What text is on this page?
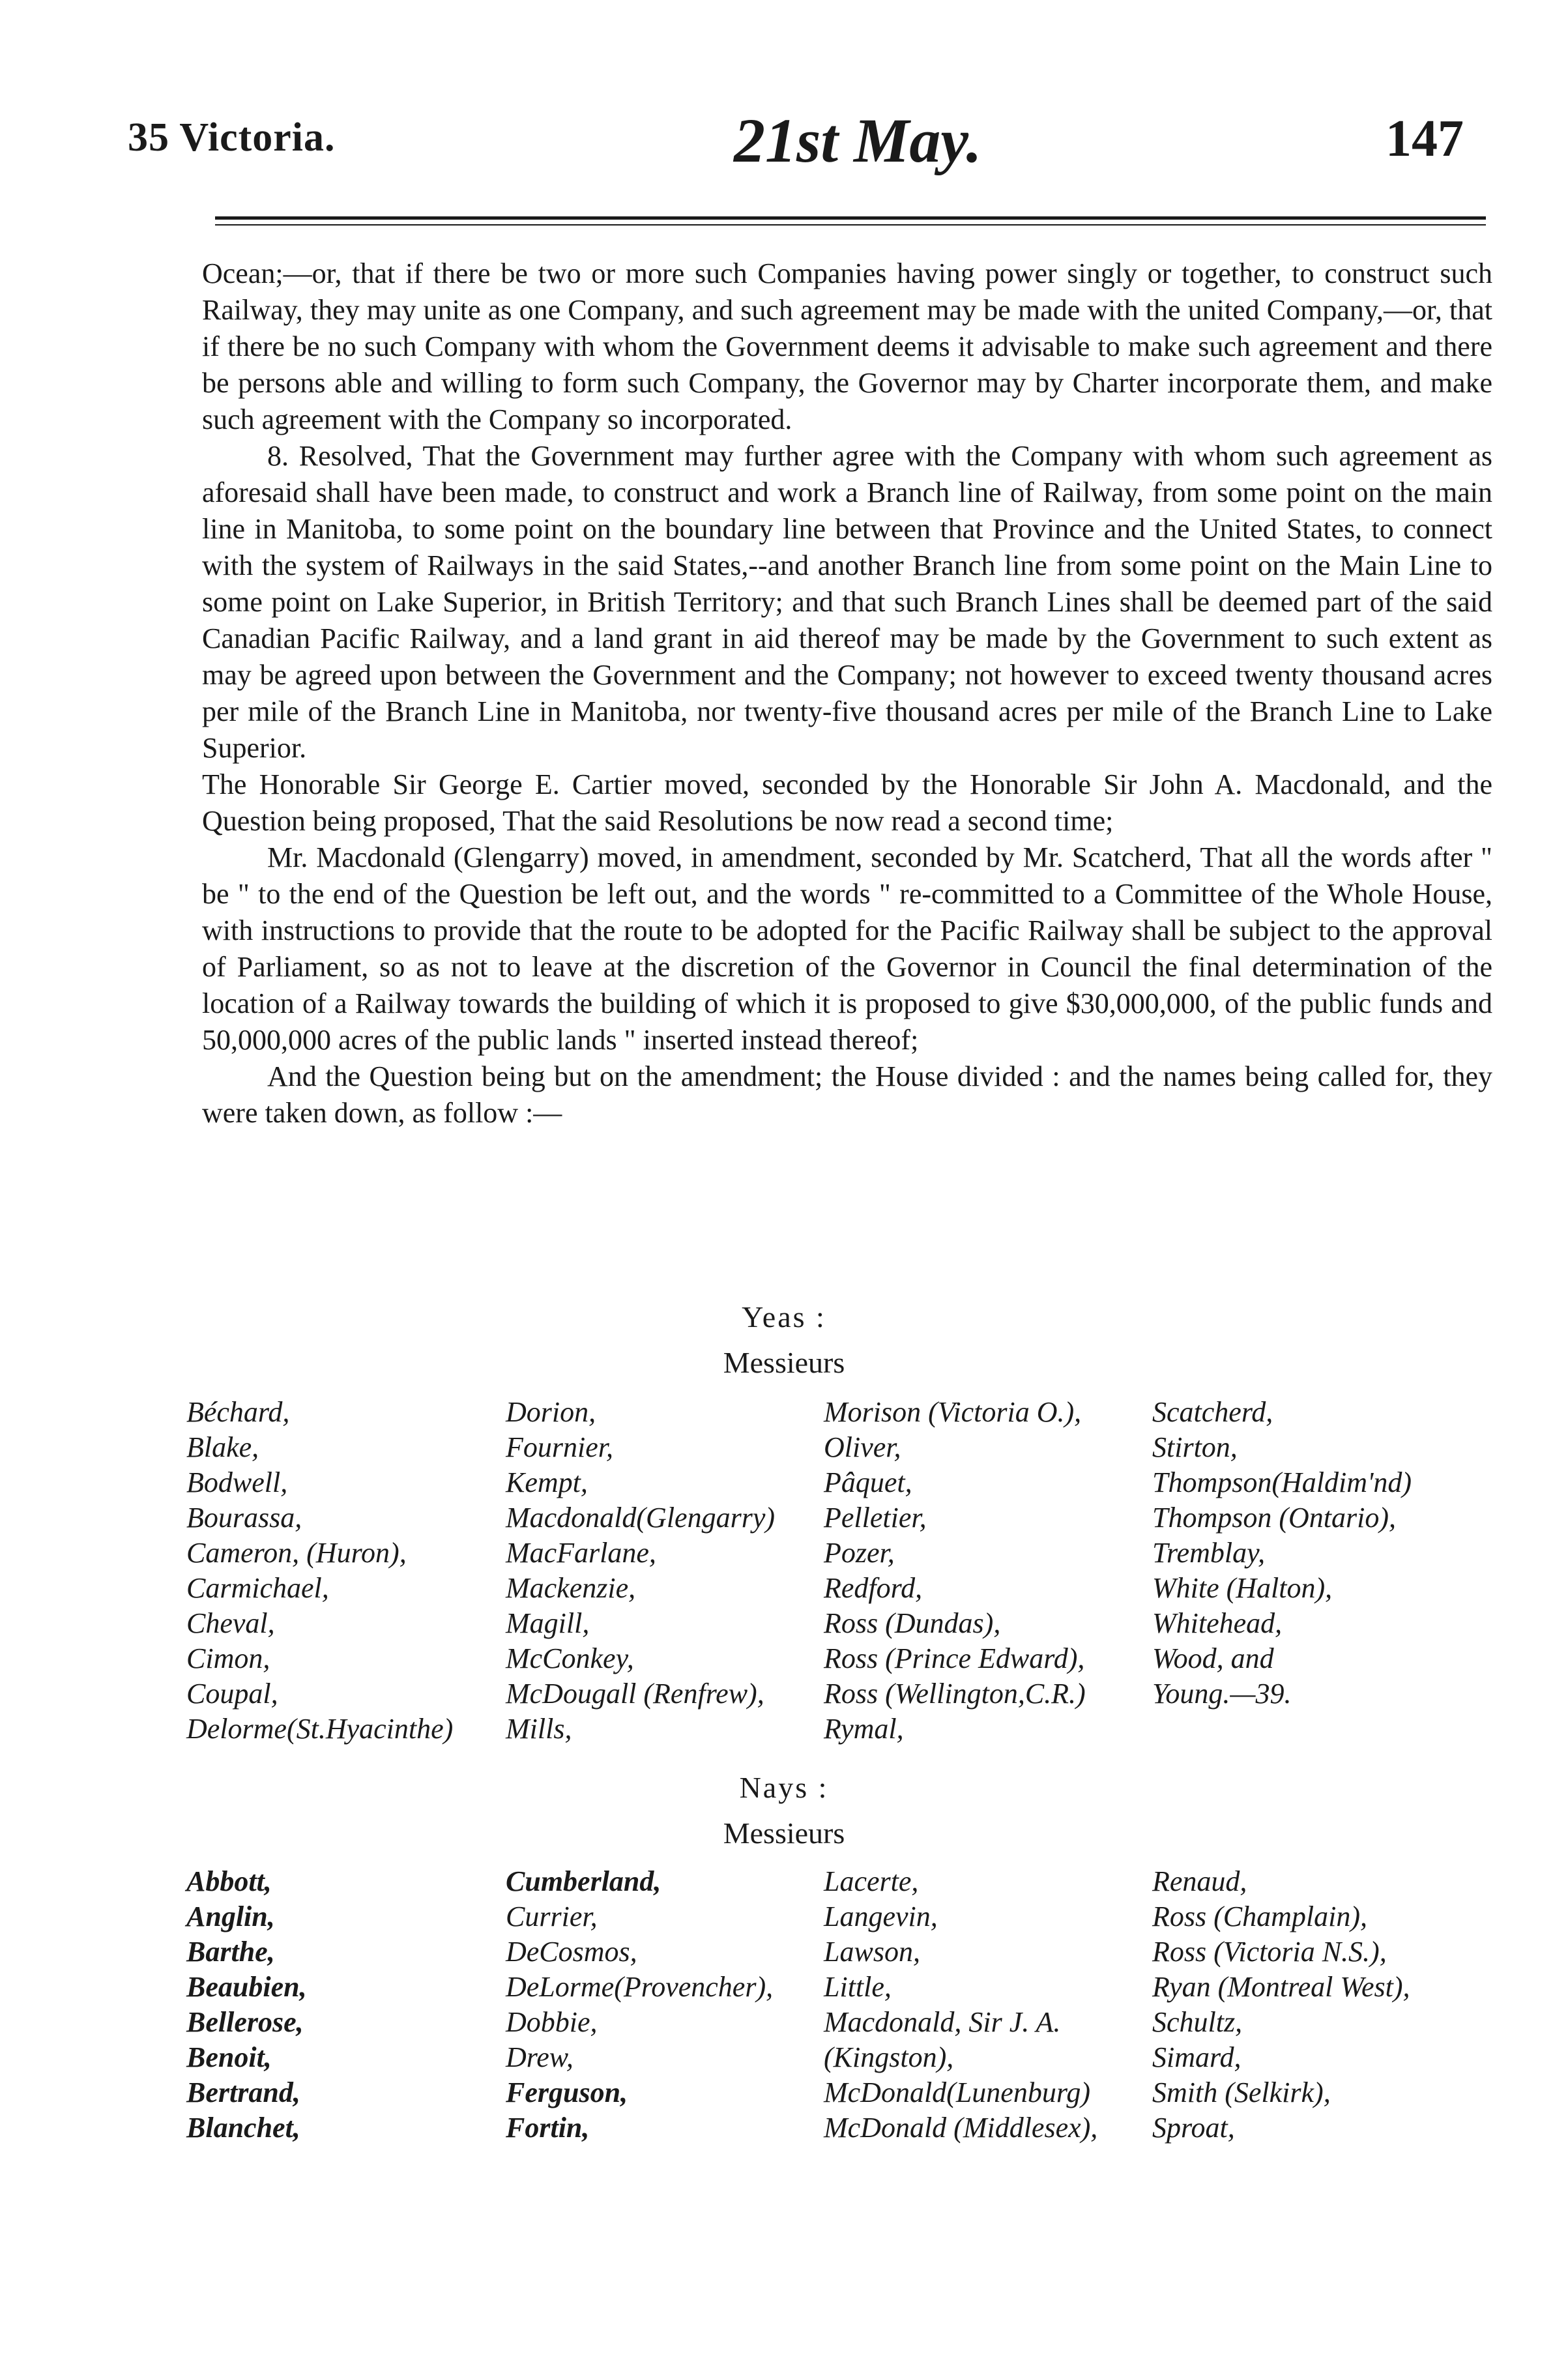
35 Victoria.	21st May.	147

Ocean;—or, that if there be two or more such Companies having power singly or together, to construct such Railway, they may unite as one Company, and such agreement may be made with the united Company,—or, that if there be no such Company with whom the Government deems it advisable to make such agreement and there be persons able and willing to form such Company, the Governor may by Charter incorporate them, and make such agreement with the Company so incorporated.

8. Resolved, That the Government may further agree with the Company with whom such agreement as aforesaid shall have been made, to construct and work a Branch line of Railway, from some point on the main line in Manitoba, to some point on the boundary line between that Province and the United States, to connect with the system of Railways in the said States,--and another Branch line from some point on the Main Line to some point on Lake Superior, in British Territory; and that such Branch Lines shall be deemed part of the said Canadian Pacific Railway, and a land grant in aid thereof may be made by the Government to such extent as may be agreed upon between the Government and the Company; not however to exceed twenty thousand acres per mile of the Branch Line in Manitoba, nor twenty-five thousand acres per mile of the Branch Line to Lake Superior.

The Honorable Sir George E. Cartier moved, seconded by the Honorable Sir John A. Macdonald, and the Question being proposed, That the said Resolutions be now read a second time;

Mr. Macdonald (Glengarry) moved, in amendment, seconded by Mr. Scatcherd, That all the words after " be " to the end of the Question be left out, and the words " re-committed to a Committee of the Whole House, with instructions to provide that the route to be adopted for the Pacific Railway shall be subject to the approval of Parliament, so as not to leave at the discretion of the Governor in Council the final determination of the location of a Railway towards the building of which it is proposed to give $30,000,000, of the public funds and 50,000,000 acres of the public lands " inserted instead thereof;

And the Question being but on the amendment; the House divided : and the names being called for, they were taken down, as follow :—

Yeas :
Messieurs
Béchard,
Blake,
Bodwell,
Bourassa,
Cameron, (Huron),
Carmichael,
Cheval,
Cimon,
Coupal,
Delorme(St.Hyacinthe)
Dorion,
Fournier,
Kempt,
Macdonald(Glengarry)
MacFarlane,
Mackenzie,
Magill,
McConkey,
McDougall (Renfrew),
Mills,
Morison (Victoria O.),
Oliver,
Pâquet,
Pelletier,
Pozer,
Redford,
Ross (Dundas),
Ross (Prince Edward),
Ross (Wellington,C.R.)
Rymal,
Scatcherd,
Stirton,
Thompson(Haldim'nd)
Thompson (Ontario),
Tremblay,
White (Halton),
Whitehead,
Wood, and
Young.—39.
Nays :
Messieurs
Abbott,
Anglin,
Barthe,
Beaubien,
Bellerose,
Benoit,
Bertrand,
Blanchet,
Cumberland,
Currier,
DeCosmos,
DeLorme(Provencher),
Dobbie,
Drew,
Ferguson,
Fortin,
Lacerte,
Langevin,
Lawson,
Little,
Macdonald, Sir J. A.
(Kingston),
McDonald(Lunenburg)
McDonald (Middlesex),
Renaud,
Ross (Champlain),
Ross (Victoria N.S.),
Ryan (Montreal West),
Schultz,
Simard,
Smith (Selkirk),
Sproat,
